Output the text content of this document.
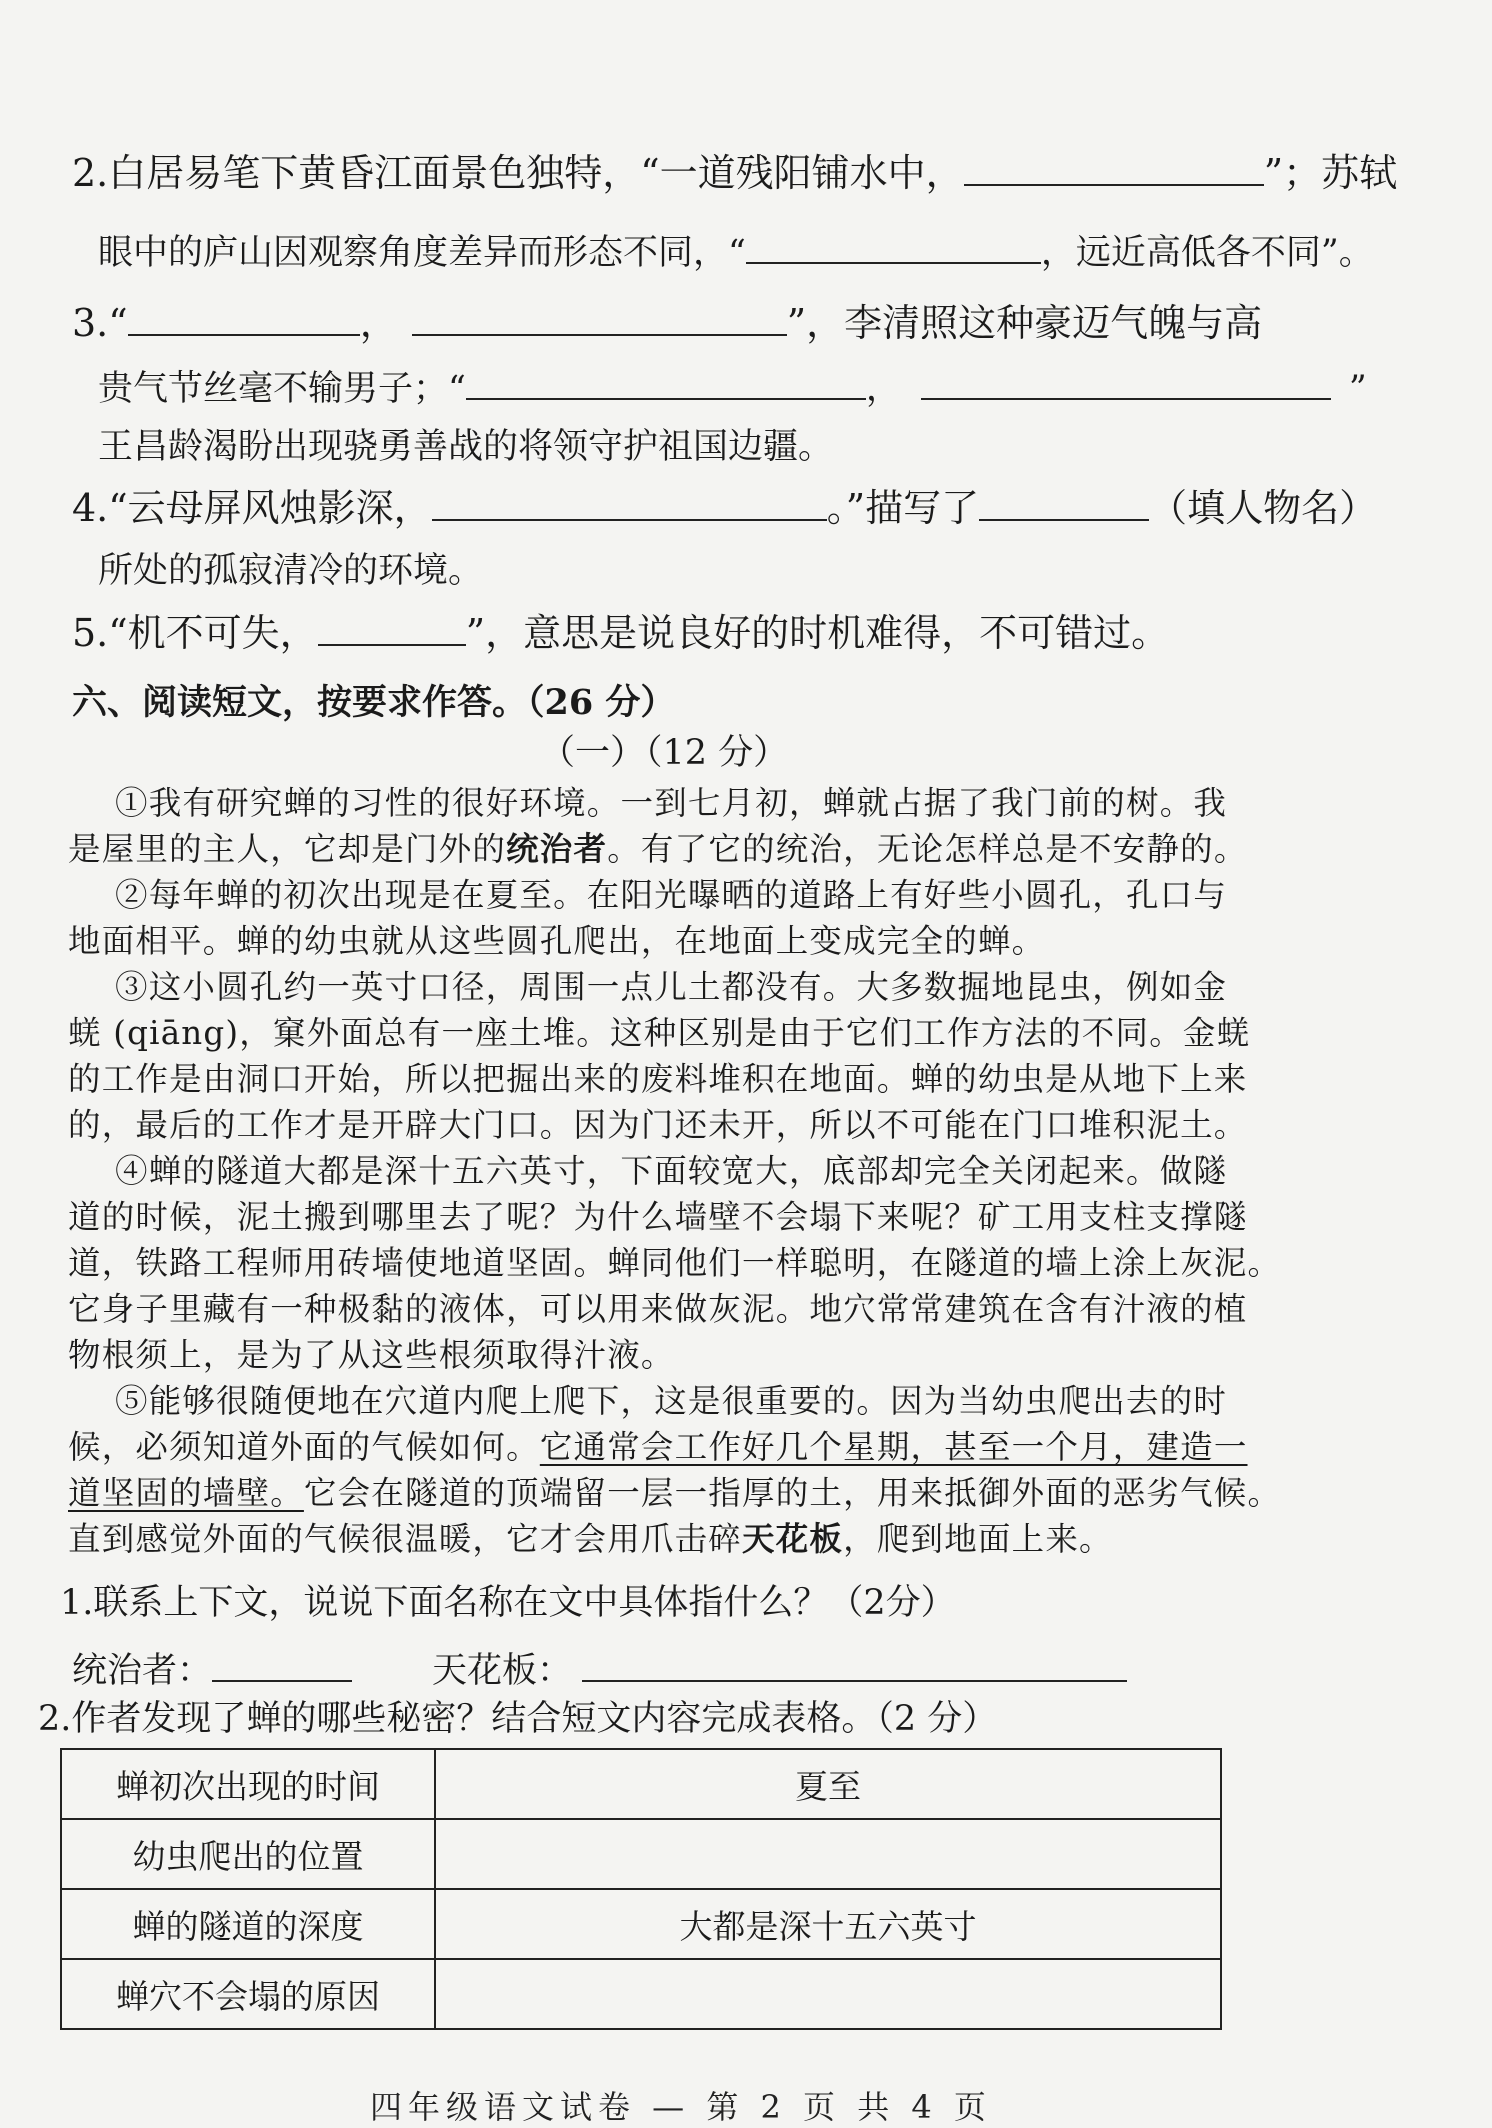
2.白居易笔下黄昏江面景色独特，“一道残阳铺水中，	”；苏轼
眼中的庐山因观察角度差异而形态不同，“	，远近高低各不同”。
3.“	，	”，李清照这种豪迈气魄与高
贵气节丝毫不输男子；“	，	”
王昌龄渴盼出现骁勇善战的将领守护祖国边疆。
4.“云母屏风烛影深，	。”描写了	（填人物名）
所处的孤寂清冷的环境。
5.“机不可失，	”，意思是说良好的时机难得，不可错过。
六、阅读短文，按要求作答。（26 分）
（一）（12 分）
①我有研究蝉的习性的很好环境。一到七月初，蝉就占据了我门前的树。我
是屋里的主人，它却是门外的统治者。有了它的统治，无论怎样总是不安静的。
②每年蝉的初次出现是在夏至。在阳光曝晒的道路上有好些小圆孔，孔口与
地面相平。蝉的幼虫就从这些圆孔爬出，在地面上变成完全的蝉。
③这小圆孔约一英寸口径，周围一点儿土都没有。大多数掘地昆虫，例如金
蜣 (qiāng)，窠外面总有一座土堆。这种区别是由于它们工作方法的不同。金蜣
的工作是由洞口开始，所以把掘出来的废料堆积在地面。蝉的幼虫是从地下上来
的，最后的工作才是开辟大门口。因为门还未开，所以不可能在门口堆积泥土。
④蝉的隧道大都是深十五六英寸，下面较宽大，底部却完全关闭起来。做隧
道的时候，泥土搬到哪里去了呢？为什么墙壁不会塌下来呢？矿工用支柱支撑隧
道，铁路工程师用砖墙使地道坚固。蝉同他们一样聪明，在隧道的墙上涂上灰泥。
它身子里藏有一种极黏的液体，可以用来做灰泥。地穴常常建筑在含有汁液的植
物根须上，是为了从这些根须取得汁液。
⑤能够很随便地在穴道内爬上爬下，这是很重要的。因为当幼虫爬出去的时
候，必须知道外面的气候如何。它通常会工作好几个星期，甚至一个月，建造一
道坚固的墙壁。它会在隧道的顶端留一层一指厚的土，用来抵御外面的恶劣气候。
直到感觉外面的气候很温暖，它才会用爪击碎天花板，爬到地面上来。
1.联系上下文，说说下面名称在文中具体指什么？（2分）
统治者：	天花板：
2.作者发现了蝉的哪些秘密？结合短文内容完成表格。（2 分）
蝉初次出现的时间	夏至
幼虫爬出的位置	
蝉的隧道的深度	大都是深十五六英寸
蝉穴不会塌的原因	
四年级语文试卷 — 第 2 页 共 4 页
